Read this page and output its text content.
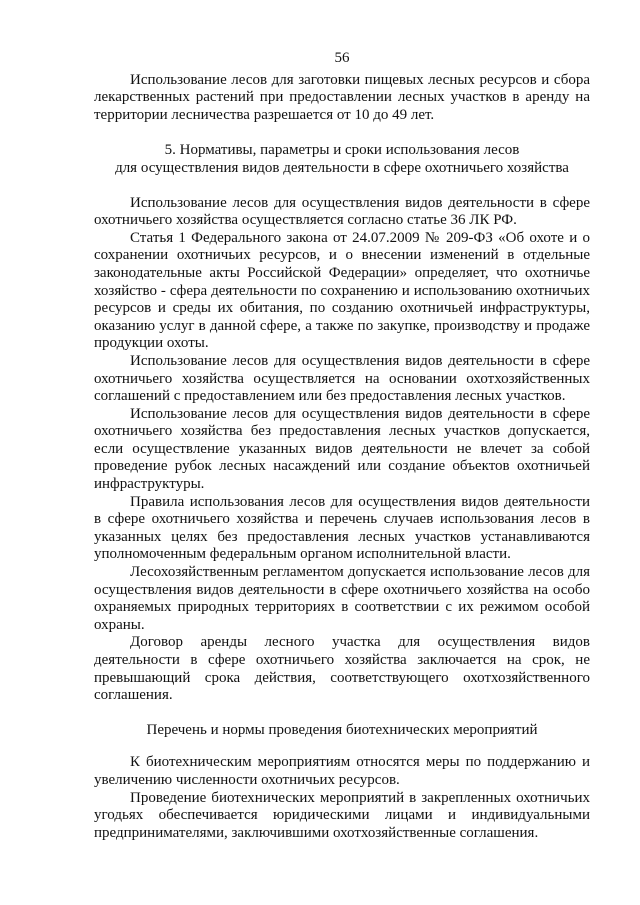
56

Использование лесов для заготовки пищевых лесных ресурсов и сбора лекарственных растений при предоставлении лесных участков в аренду на территории лесничества разрешается от 10 до 49 лет.

5. Нормативы, параметры и сроки использования лесов

для осуществления видов деятельности в сфере охотничьего хозяйства

Использование лесов для осуществления видов деятельности в сфере охотничьего хозяйства осуществляется согласно статье 36 ЛК РФ.

Статья 1 Федерального закона от 24.07.2009 № 209-ФЗ «Об охоте и о сохранении охотничьих ресурсов, и о внесении изменений в отдельные законодательные акты Российской Федерации» определяет, что охотничье хозяйство - сфера деятельности по сохранению и использованию охотничьих ресурсов и среды их обитания, по созданию охотничьей инфраструктуры, оказанию услуг в данной сфере, а также по закупке, производству и продаже продукции охоты.

Использование лесов для осуществления видов деятельности в сфере охотничьего хозяйства осуществляется на основании охотхозяйственных соглашений с предоставлением или без предоставления лесных участков.

Использование лесов для осуществления видов деятельности в сфере охотничьего хозяйства без предоставления лесных участков допускается, если осуществление указанных видов деятельности не влечет за собой проведение рубок лесных насаждений или создание объектов охотничьей инфраструктуры.

Правила использования лесов для осуществления видов деятельности в сфере охотничьего хозяйства и перечень случаев использования лесов в указанных целях без предоставления лесных участков устанавливаются уполномоченным федеральным органом исполнительной власти.

Лесохозяйственным регламентом допускается использование лесов для осуществления видов деятельности в сфере охотничьего хозяйства на особо охраняемых природных территориях в соответствии с их режимом особой охраны.

Договор аренды лесного участка для осуществления видов деятельности в сфере охотничьего хозяйства заключается на срок, не превышающий срока действия, соответствующего охотхозяйственного соглашения.

Перечень и нормы проведения биотехнических мероприятий

К биотехническим мероприятиям относятся меры по поддержанию и увеличению численности охотничьих ресурсов.

Проведение биотехнических мероприятий в закрепленных охотничьих угодьях обеспечивается юридическими лицами и индивидуальными предпринимателями, заключившими охотхозяйственные соглашения.
